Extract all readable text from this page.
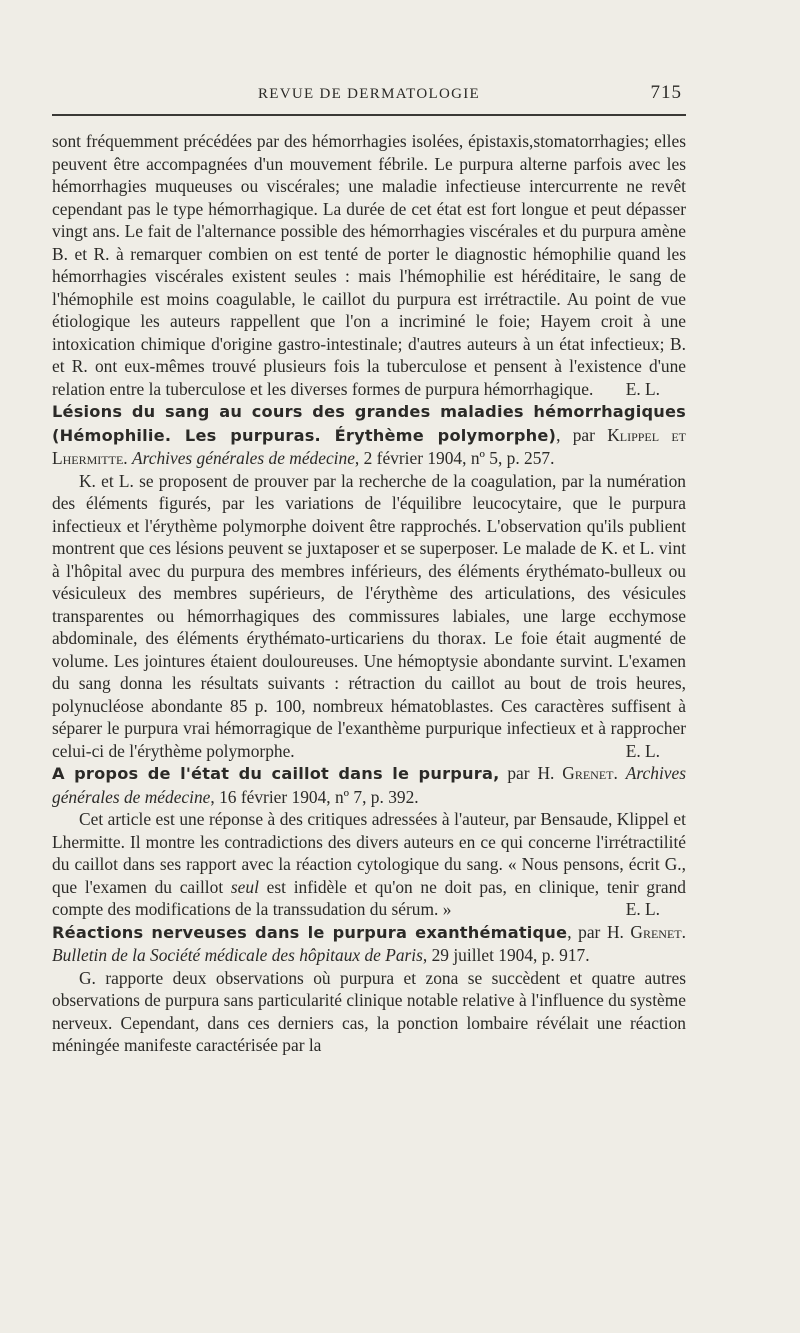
REVUE DE DERMATOLOGIE	715

sont fréquemment précédées par des hémorrhagies isolées, épistaxis,stomatorrhagies; elles peuvent être accompagnées d'un mouvement fébrile. Le purpura alterne parfois avec les hémorrhagies muqueuses ou viscérales; une maladie infectieuse intercurrente ne revêt cependant pas le type hémorrhagique. La durée de cet état est fort longue et peut dépasser vingt ans. Le fait de l'alternance possible des hémorrhagies viscérales et du purpura amène B. et R. à remarquer combien on est tenté de porter le diagnostic hémophilie quand les hémorrhagies viscérales existent seules : mais l'hémophilie est héréditaire, le sang de l'hémophile est moins coagulable, le caillot du purpura est irrétractile. Au point de vue étiologique les auteurs rappellent que l'on a incriminé le foie; Hayem croit à une intoxication chimique d'origine gastro-intestinale; d'autres auteurs à un état infectieux; B. et R. ont eux-mêmes trouvé plusieurs fois la tuberculose et pensent à l'existence d'une relation entre la tuberculose et les diverses formes de purpura hémorrhagique. E. L.

Lésions du sang au cours des grandes maladies hémorrhagiques (Hémophilie. Les purpuras. Érythème polymorphe), par Klippel et Lhermitte. Archives générales de médecine, 2 février 1904, nº 5, p. 257.

K. et L. se proposent de prouver par la recherche de la coagulation, par la numération des éléments figurés, par les variations de l'équilibre leucocytaire, que le purpura infectieux et l'érythème polymorphe doivent être rapprochés. L'observation qu'ils publient montrent que ces lésions peuvent se juxtaposer et se superposer. Le malade de K. et L. vint à l'hôpital avec du purpura des membres inférieurs, des éléments érythémato-bulleux ou vésiculeux des membres supérieurs, de l'érythème des articulations, des vésicules transparentes ou hémorrhagiques des commissures labiales, une large ecchymose abdominale, des éléments érythémato-urticariens du thorax. Le foie était augmenté de volume. Les jointures étaient douloureuses. Une hémoptysie abondante survint. L'examen du sang donna les résultats suivants : rétraction du caillot au bout de trois heures, polynucléose abondante 85 p. 100, nombreux hématoblastes. Ces caractères suffisent à séparer le purpura vrai hémorragique de l'exanthème purpurique infectieux et à rapprocher celui-ci de l'érythème polymorphe.	E. L.

A propos de l'état du caillot dans le purpura, par H. Grenet. Archives générales de médecine, 16 février 1904, nº 7, p. 392.

Cet article est une réponse à des critiques adressées à l'auteur, par Bensaude, Klippel et Lhermitte. Il montre les contradictions des divers auteurs en ce qui concerne l'irrétractilité du caillot dans ses rapport avec la réaction cytologique du sang. « Nous pensons, écrit G., que l'examen du caillot seul est infidèle et qu'on ne doit pas, en clinique, tenir grand compte des modifications de la transsudation du sérum. »	E. L.

Réactions nerveuses dans le purpura exanthématique, par H. Grenet. Bulletin de la Société médicale des hôpitaux de Paris, 29 juillet 1904, p. 917.

G. rapporte deux observations où purpura et zona se succèdent et quatre autres observations de purpura sans particularité clinique notable relative à l'influence du système nerveux. Cependant, dans ces derniers cas, la ponction lombaire révélait une réaction méningée manifeste caractérisée par la
